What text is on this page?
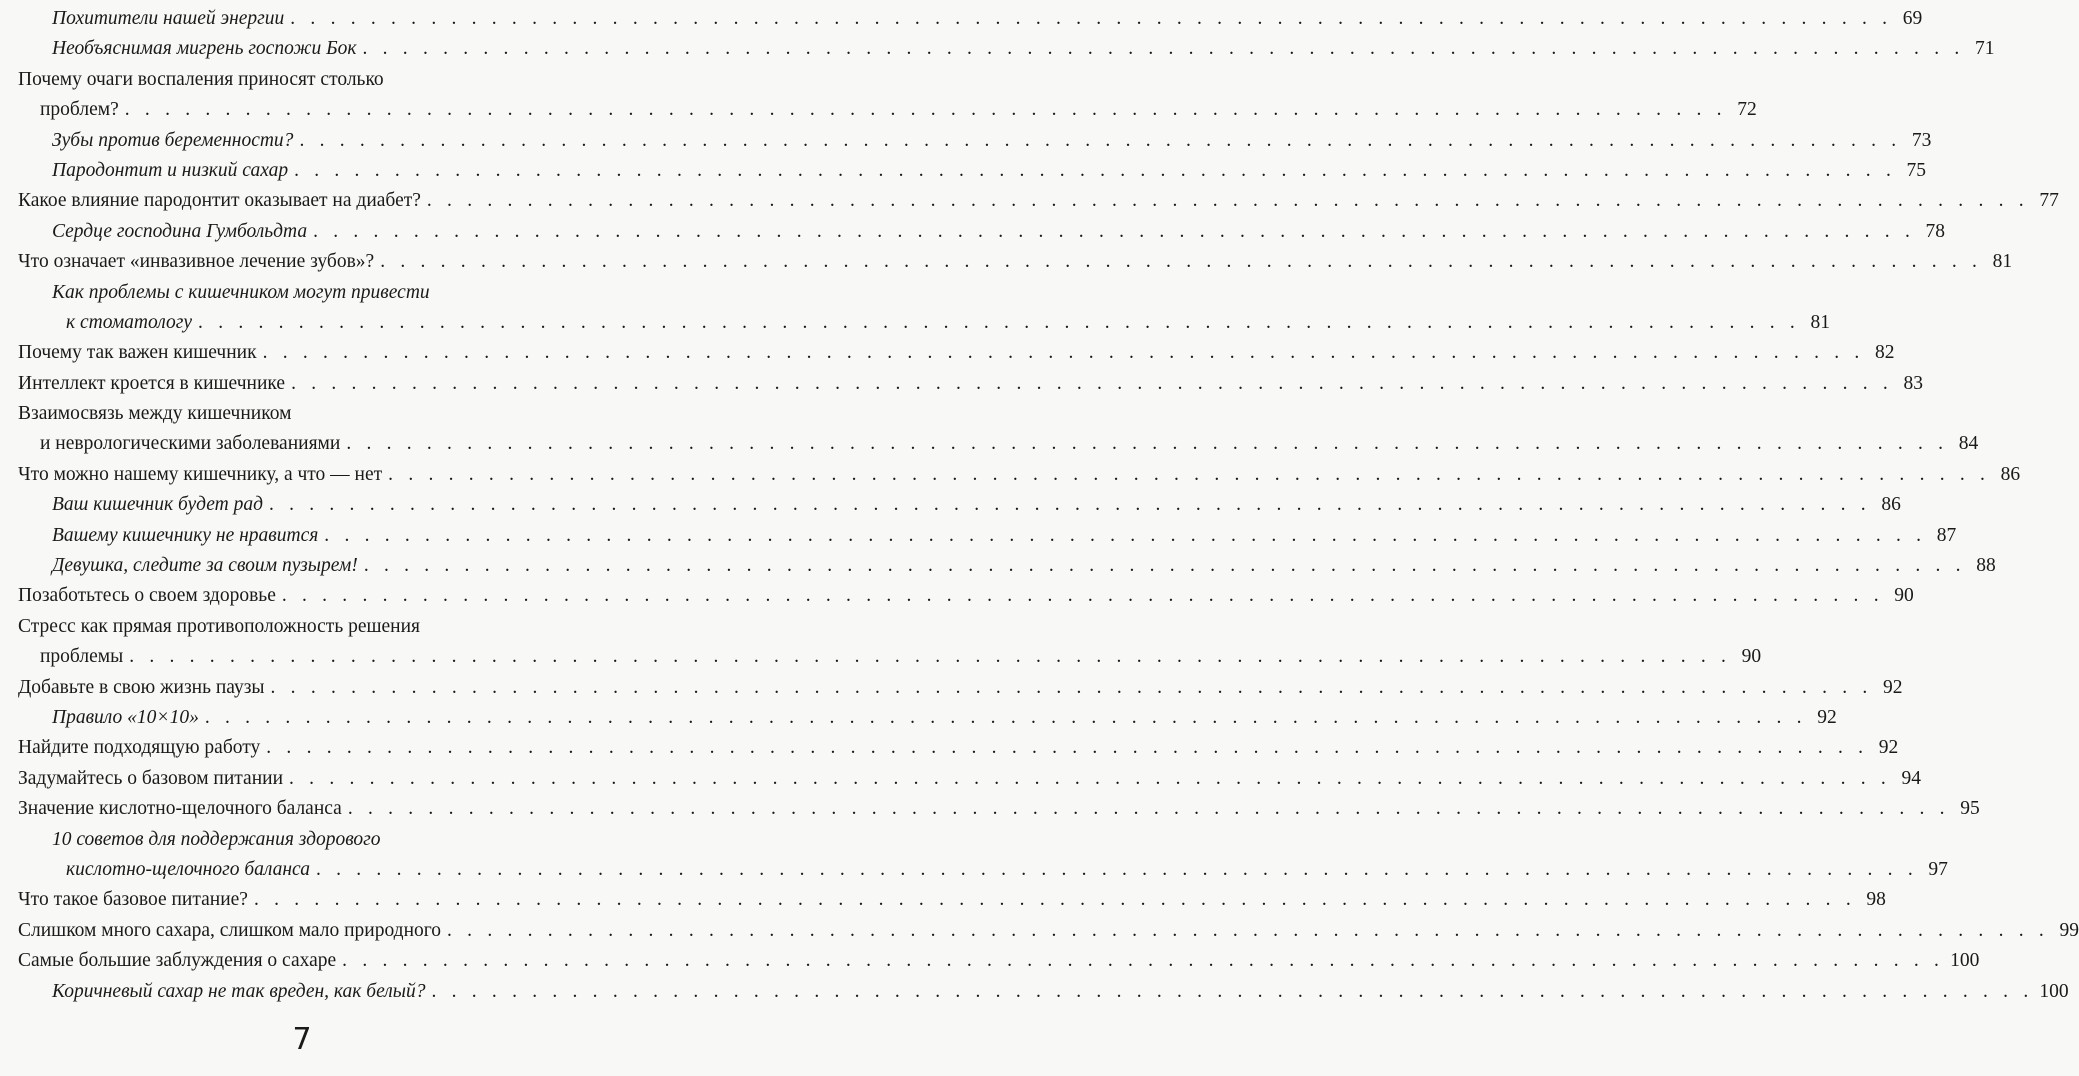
Похитители нашей энергии . . . . . . . . . . . . . . . . . . . . . . . . . . . . . . . . . . . . . . . . . . . . . . . . . . . . . . . . . . . . . . . . . . . . . . . . . . . . . . . . 69
Необъяснимая мигрень госпожи Бок . . . . . . . . . . . . . . . . . . . . . . . . . . . . . . . . . . . . . . . . . . . . . . . . . . . . . . . . . . . . . . . . . . . . . . . . . . . . . . . . 71
Почему очаги воспаления приносят столько
проблем? . . . . . . . . . . . . . . . . . . . . . . . . . . . . . . . . . . . . . . . . . . . . . . . . . . . . . . . . . . . . . . . . . . . . . . . . . . . . . . . . 72
Зубы против беременности? . . . . . . . . . . . . . . . . . . . . . . . . . . . . . . . . . . . . . . . . . . . . . . . . . . . . . . . . . . . . . . . . . . . . . . . . . . . . . . . . 73
Пародонтит и низкий сахар . . . . . . . . . . . . . . . . . . . . . . . . . . . . . . . . . . . . . . . . . . . . . . . . . . . . . . . . . . . . . . . . . . . . . . . . . . . . . . . . 75
Какое влияние пародонтит оказывает на диабет? . . . . . . . . . . . . . . . . . . . . . . . . . . . . . . . . . . . . . . . . . . . . . . . . . . . . . . . . . . . . . . . . . . . . . . . . . . . . . . . . 77
Сердце господина Гумбольдта . . . . . . . . . . . . . . . . . . . . . . . . . . . . . . . . . . . . . . . . . . . . . . . . . . . . . . . . . . . . . . . . . . . . . . . . . . . . . . . . 78
Что означает «инвазивное лечение зубов»? . . . . . . . . . . . . . . . . . . . . . . . . . . . . . . . . . . . . . . . . . . . . . . . . . . . . . . . . . . . . . . . . . . . . . . . . . . . . . . . . 81
Как проблемы с кишечником могут привести
к стоматологу . . . . . . . . . . . . . . . . . . . . . . . . . . . . . . . . . . . . . . . . . . . . . . . . . . . . . . . . . . . . . . . . . . . . . . . . . . . . . . . . 81
Почему так важен кишечник . . . . . . . . . . . . . . . . . . . . . . . . . . . . . . . . . . . . . . . . . . . . . . . . . . . . . . . . . . . . . . . . . . . . . . . . . . . . . . . . 82
Интеллект кроется в кишечнике . . . . . . . . . . . . . . . . . . . . . . . . . . . . . . . . . . . . . . . . . . . . . . . . . . . . . . . . . . . . . . . . . . . . . . . . . . . . . . . . 83
Взаимосвязь между кишечником
и неврологическими заболеваниями . . . . . . . . . . . . . . . . . . . . . . . . . . . . . . . . . . . . . . . . . . . . . . . . . . . . . . . . . . . . . . . . . . . . . . . . . . . . . . . . 84
Что можно нашему кишечнику, а что — нет . . . . . . . . . . . . . . . . . . . . . . . . . . . . . . . . . . . . . . . . . . . . . . . . . . . . . . . . . . . . . . . . . . . . . . . . . . . . . . . . 86
Ваш кишечник будет рад . . . . . . . . . . . . . . . . . . . . . . . . . . . . . . . . . . . . . . . . . . . . . . . . . . . . . . . . . . . . . . . . . . . . . . . . . . . . . . . . 86
Вашему кишечнику не нравится . . . . . . . . . . . . . . . . . . . . . . . . . . . . . . . . . . . . . . . . . . . . . . . . . . . . . . . . . . . . . . . . . . . . . . . . . . . . . . . . 87
Девушка, следите за своим пузырем! . . . . . . . . . . . . . . . . . . . . . . . . . . . . . . . . . . . . . . . . . . . . . . . . . . . . . . . . . . . . . . . . . . . . . . . . . . . . . . . . 88
Позаботьтесь о своем здоровье . . . . . . . . . . . . . . . . . . . . . . . . . . . . . . . . . . . . . . . . . . . . . . . . . . . . . . . . . . . . . . . . . . . . . . . . . . . . . . . . 90
Стресс как прямая противоположность решения
проблемы . . . . . . . . . . . . . . . . . . . . . . . . . . . . . . . . . . . . . . . . . . . . . . . . . . . . . . . . . . . . . . . . . . . . . . . . . . . . . . . . 90
Добавьте в свою жизнь паузы . . . . . . . . . . . . . . . . . . . . . . . . . . . . . . . . . . . . . . . . . . . . . . . . . . . . . . . . . . . . . . . . . . . . . . . . . . . . . . . . 92
Правило «10×10» . . . . . . . . . . . . . . . . . . . . . . . . . . . . . . . . . . . . . . . . . . . . . . . . . . . . . . . . . . . . . . . . . . . . . . . . . . . . . . . . 92
Найдите подходящую работу . . . . . . . . . . . . . . . . . . . . . . . . . . . . . . . . . . . . . . . . . . . . . . . . . . . . . . . . . . . . . . . . . . . . . . . . . . . . . . . . 92
Задумайтесь о базовом питании . . . . . . . . . . . . . . . . . . . . . . . . . . . . . . . . . . . . . . . . . . . . . . . . . . . . . . . . . . . . . . . . . . . . . . . . . . . . . . . . 94
Значение кислотно-щелочного баланса . . . . . . . . . . . . . . . . . . . . . . . . . . . . . . . . . . . . . . . . . . . . . . . . . . . . . . . . . . . . . . . . . . . . . . . . . . . . . . . . 95
10 советов для поддержания здорового
кислотно-щелочного баланса . . . . . . . . . . . . . . . . . . . . . . . . . . . . . . . . . . . . . . . . . . . . . . . . . . . . . . . . . . . . . . . . . . . . . . . . . . . . . . . . 97
Что такое базовое питание? . . . . . . . . . . . . . . . . . . . . . . . . . . . . . . . . . . . . . . . . . . . . . . . . . . . . . . . . . . . . . . . . . . . . . . . . . . . . . . . . 98
Слишком много сахара, слишком мало природного . . . . . . . . . . . . . . . . . . . . . . . . . . . . . . . . . . . . . . . . . . . . . . . . . . . . . . . . . . . . . . . . . . . . . . . . . . . . . . . . 99
Самые большие заблуждения о сахаре . . . . . . . . . . . . . . . . . . . . . . . . . . . . . . . . . . . . . . . . . . . . . . . . . . . . . . . . . . . . . . . . . . . . . . . . . . . . . . . . 100
Коричневый сахар не так вреден, как белый? . . . . . . . . . . . . . . . . . . . . . . . . . . . . . . . . . . . . . . . . . . . . . . . . . . . . . . . . . . . . . . . . . . . . . . . . . . . . . . . . 100
7
